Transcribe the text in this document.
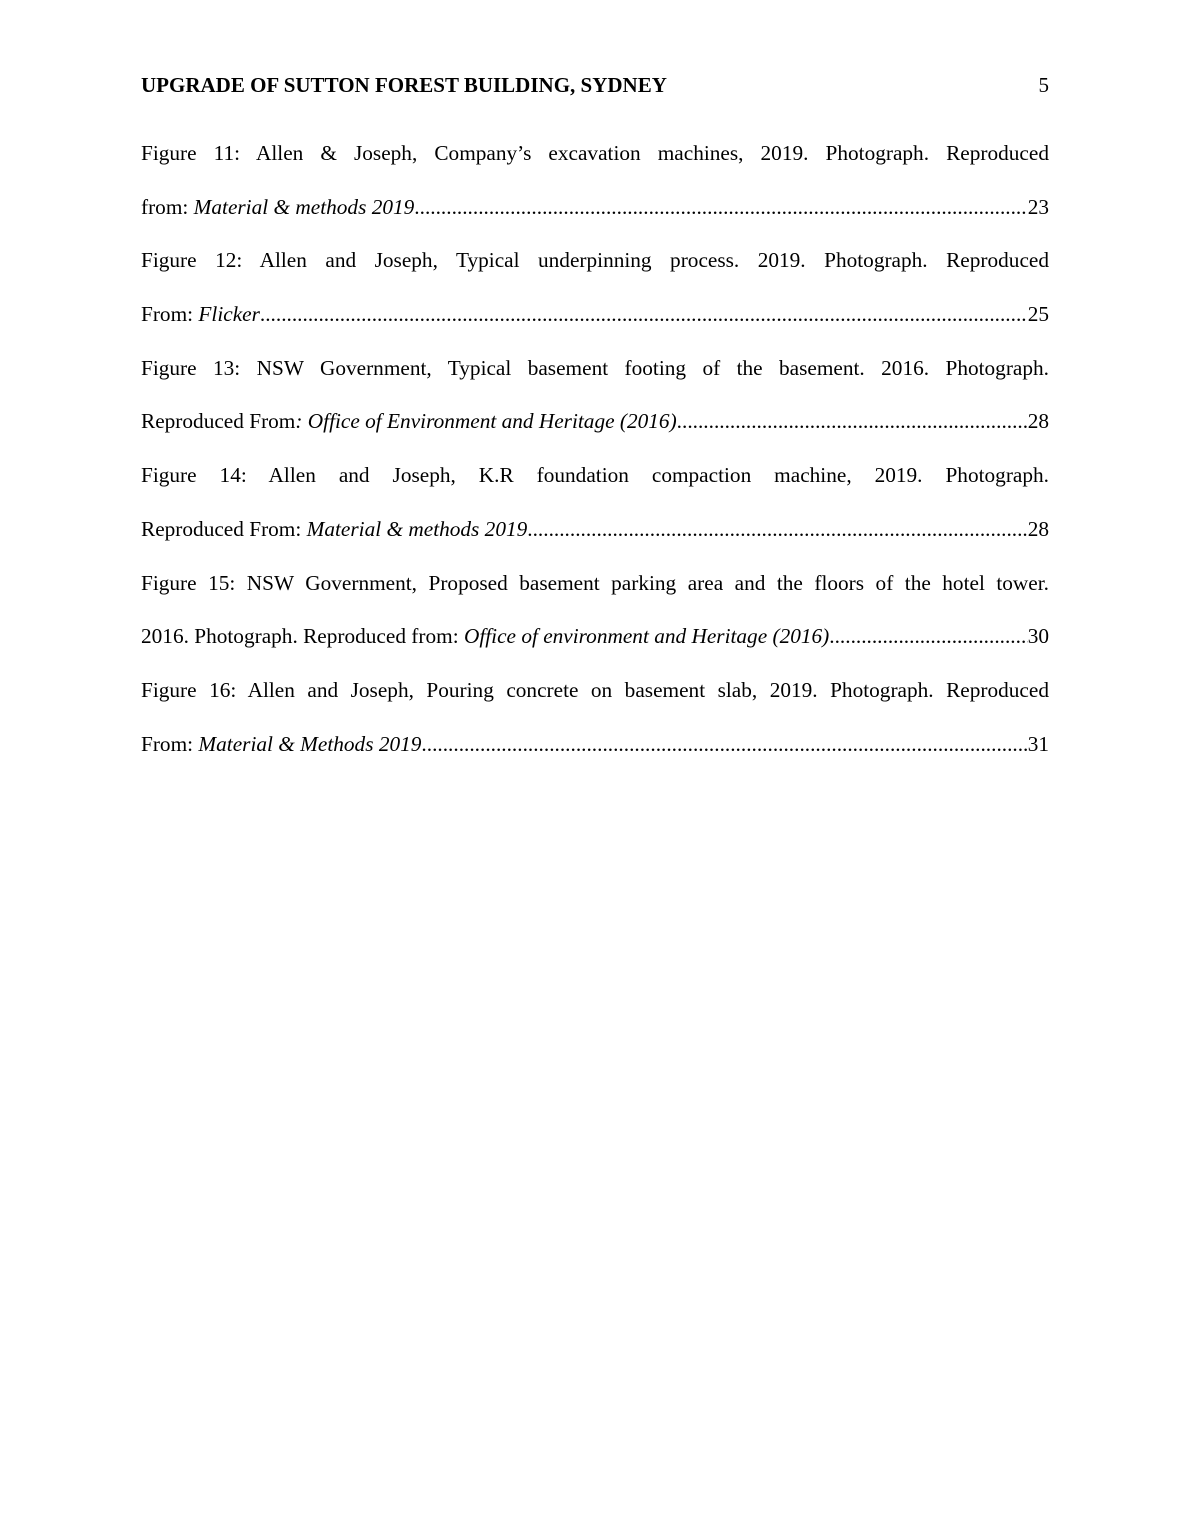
UPGRADE OF SUTTON FOREST BUILDING, SYDNEY	5
Figure 11: Allen & Joseph, Company’s excavation machines, 2019. Photograph. Reproduced
from: Material & methods 2019 .....	23
Figure 12: Allen and Joseph, Typical underpinning process. 2019. Photograph. Reproduced
From: Flicker .....	25
Figure 13: NSW Government, Typical basement footing of the basement. 2016. Photograph.
Reproduced From: Office of Environment and Heritage (2016) .....	28
Figure 14: Allen and Joseph, K.R foundation compaction machine, 2019. Photograph.
Reproduced From: Material & methods 2019 .....	28
Figure 15: NSW Government, Proposed basement parking area and the floors of the hotel tower.
2016. Photograph. Reproduced from: Office of environment and Heritage (2016) .....	30
Figure 16: Allen and Joseph, Pouring concrete on basement slab, 2019. Photograph. Reproduced
From: Material & Methods 2019 .....	31
